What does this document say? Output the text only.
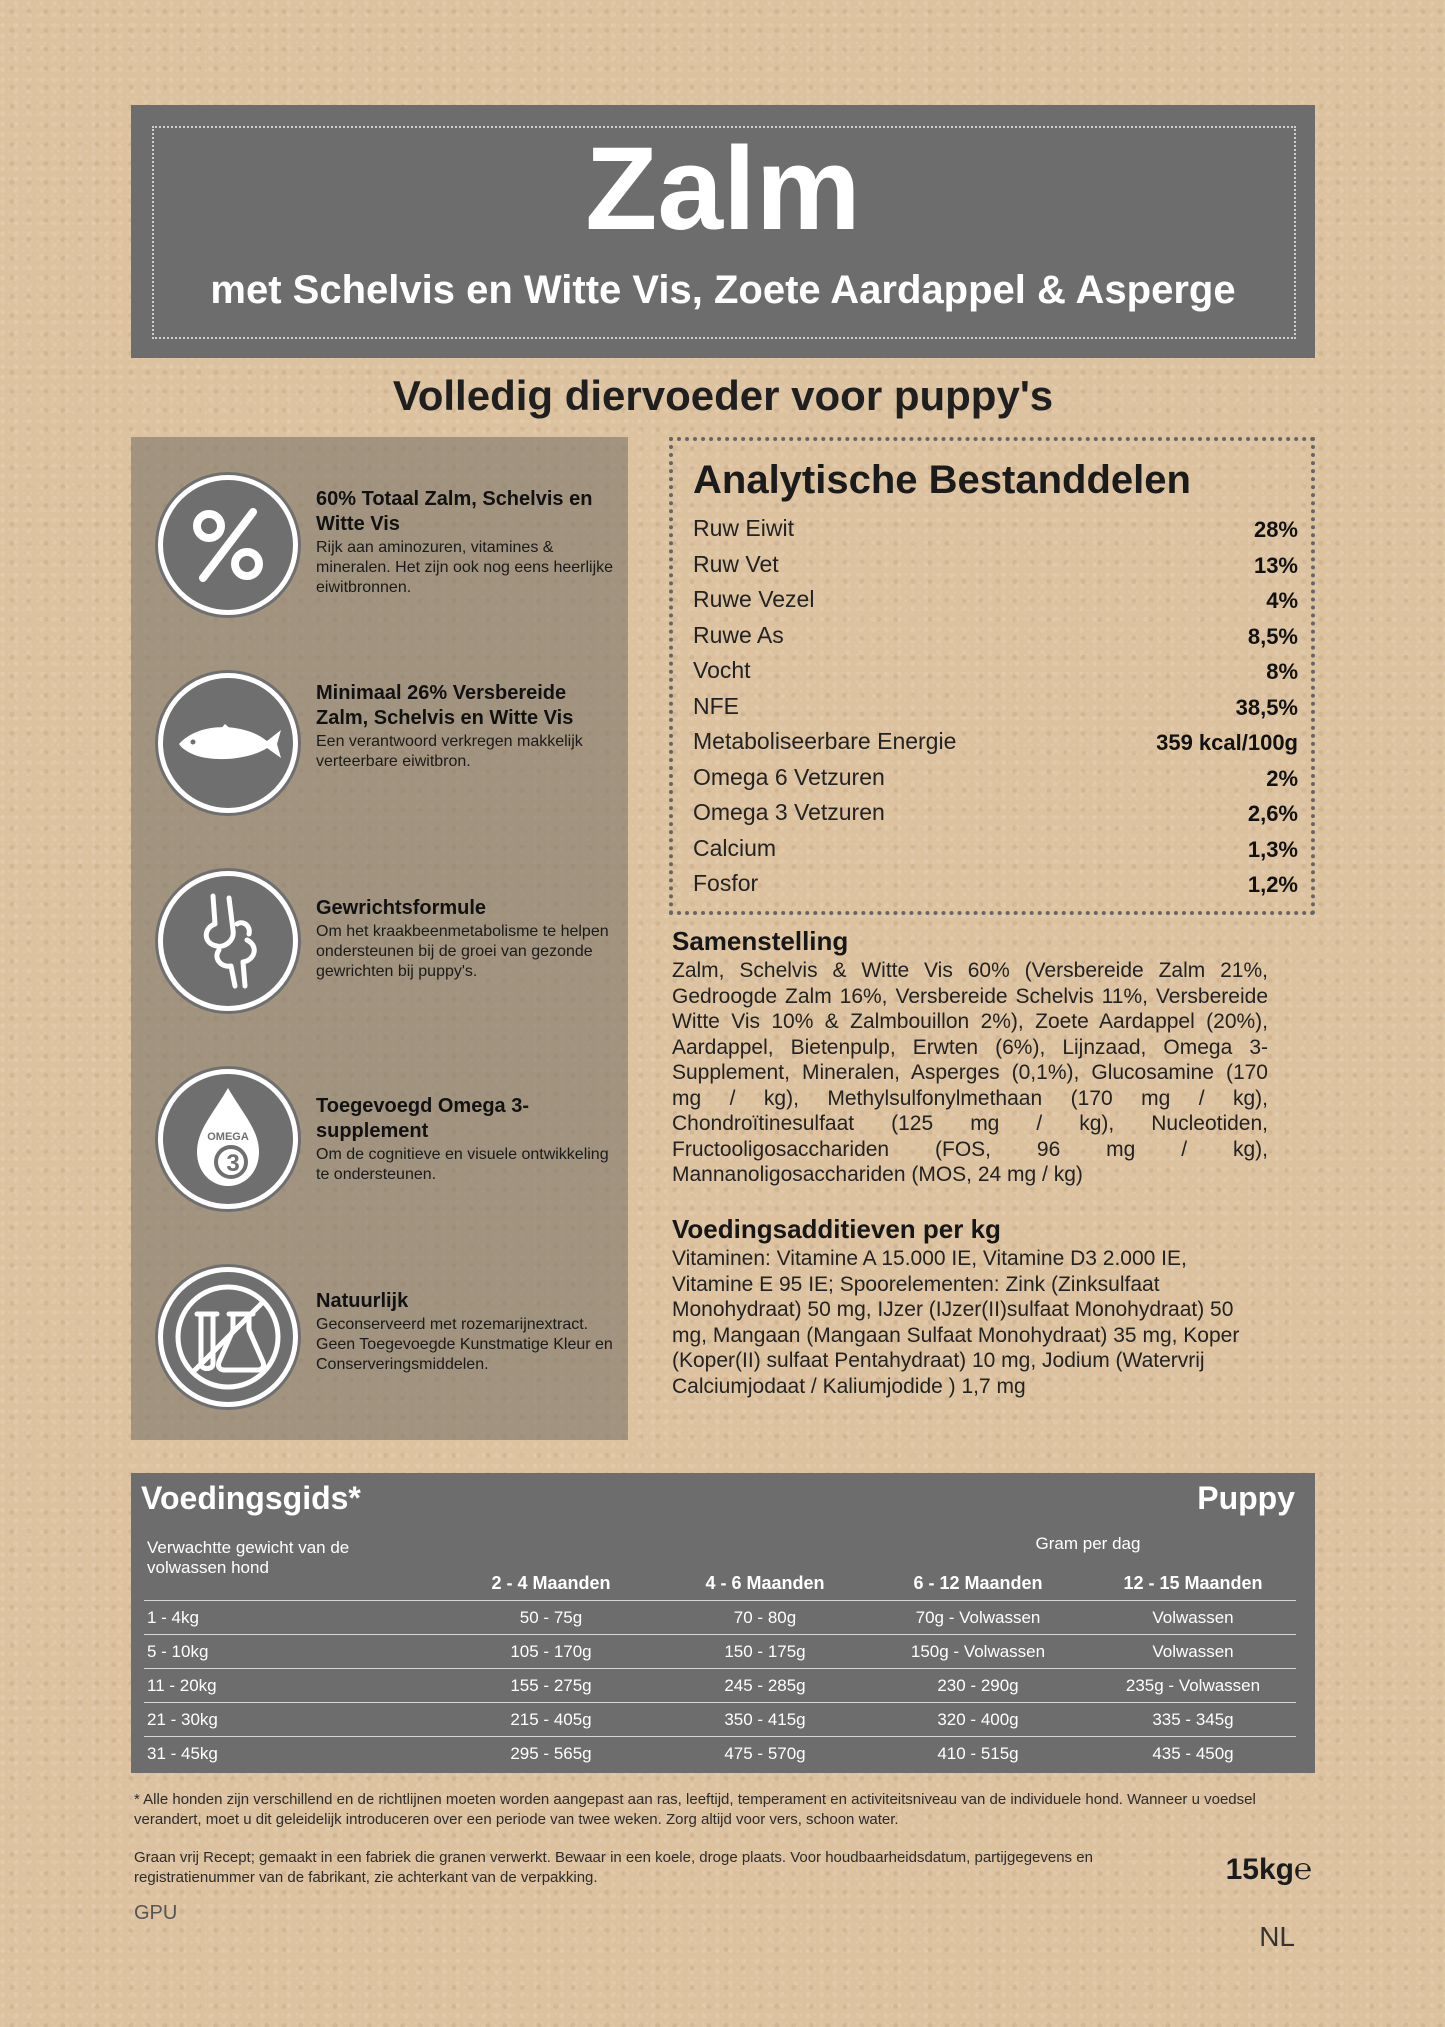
Zalm
met Schelvis en Witte Vis, Zoete Aardappel & Asperge
Volledig diervoeder voor puppy's
60% Totaal Zalm, Schelvis en Witte Vis
Rijk aan aminozuren, vitamines & mineralen. Het zijn ook nog eens heerlijke eiwitbronnen.
Minimaal 26% Versbereide Zalm, Schelvis en Witte Vis
Een verantwoord verkregen makkelijk verteerbare eiwitbron.
Gewrichtsformule
Om het kraakbeenmetabolisme te helpen ondersteunen bij de groei van gezonde gewrichten bij puppy's.
OMEGA
3
Toegevoegd Omega 3-supplement
Om de cognitieve en visuele ontwikkeling te ondersteunen.
Natuurlijk
Geconserveerd met rozemarijnextract. Geen Toegevoegde Kunstmatige Kleur en Conserveringsmiddelen.
Analytische Bestanddelen
Ruw Eiwit	28%
Ruw Vet	13%
Ruwe Vezel	4%
Ruwe As	8,5%
Vocht	8%
NFE	38,5%
Metaboliseerbare Energie	359 kcal/100g
Omega 6 Vetzuren	2%
Omega 3 Vetzuren	2,6%
Calcium	1,3%
Fosfor	1,2%
Samenstelling
Zalm, Schelvis & Witte Vis 60% (Versbereide Zalm 21%, Gedroogde Zalm 16%, Versbereide Schelvis 11%, Versbereide Witte Vis 10% & Zalmbouillon 2%), Zoete Aardappel (20%), Aardappel, Bietenpulp, Erwten (6%), Lijnzaad, Omega 3-Supplement, Mineralen, Asperges (0,1%), Glucosamine (170 mg / kg), Methylsulfonylmethaan (170 mg / kg), Chondroïtinesulfaat (125 mg / kg), Nucleotiden, Fructooligosacchariden (FOS, 96 mg / kg), Mannanoligosacchariden (MOS, 24 mg / kg)
Voedingsadditieven per kg
Vitaminen: Vitamine A 15.000 IE, Vitamine D3 2.000 IE, Vitamine E 95 IE; Spoorelementen: Zink (Zinksulfaat Monohydraat) 50 mg, IJzer (IJzer(II)sulfaat Monohydraat) 50 mg, Mangaan (Mangaan Sulfaat Monohydraat) 35 mg, Koper (Koper(II) sulfaat Pentahydraat) 10 mg, Jodium (Watervrij Calciumjodaat / Kaliumjodide ) 1,7 mg
Voedingsgids*	Puppy
Verwachtte gewicht van de volwassen hond
Gram per dag
2 - 4 Maanden	4 - 6 Maanden	6 - 12 Maanden	12 - 15 Maanden
1 - 4kg	50 - 75g	70 - 80g	70g - Volwassen	Volwassen
5 - 10kg	105 - 170g	150 - 175g	150g - Volwassen	Volwassen
11 - 20kg	155 - 275g	245 - 285g	230 - 290g	235g - Volwassen
21 - 30kg	215 - 405g	350 - 415g	320 - 400g	335 - 345g
31 - 45kg	295 - 565g	475 - 570g	410 - 515g	435 - 450g
* Alle honden zijn verschillend en de richtlijnen moeten worden aangepast aan ras, leeftijd, temperament en activiteitsniveau van de individuele hond. Wanneer u voedsel verandert, moet u dit geleidelijk introduceren over een periode van twee weken. Zorg altijd voor vers, schoon water.
Graan vrij Recept; gemaakt in een fabriek die granen verwerkt. Bewaar in een koele, droge plaats. Voor houdbaarheidsdatum, partijgegevens en registratienummer van de fabrikant, zie achterkant van de verpakking.	15kg℮
GPU
NL
